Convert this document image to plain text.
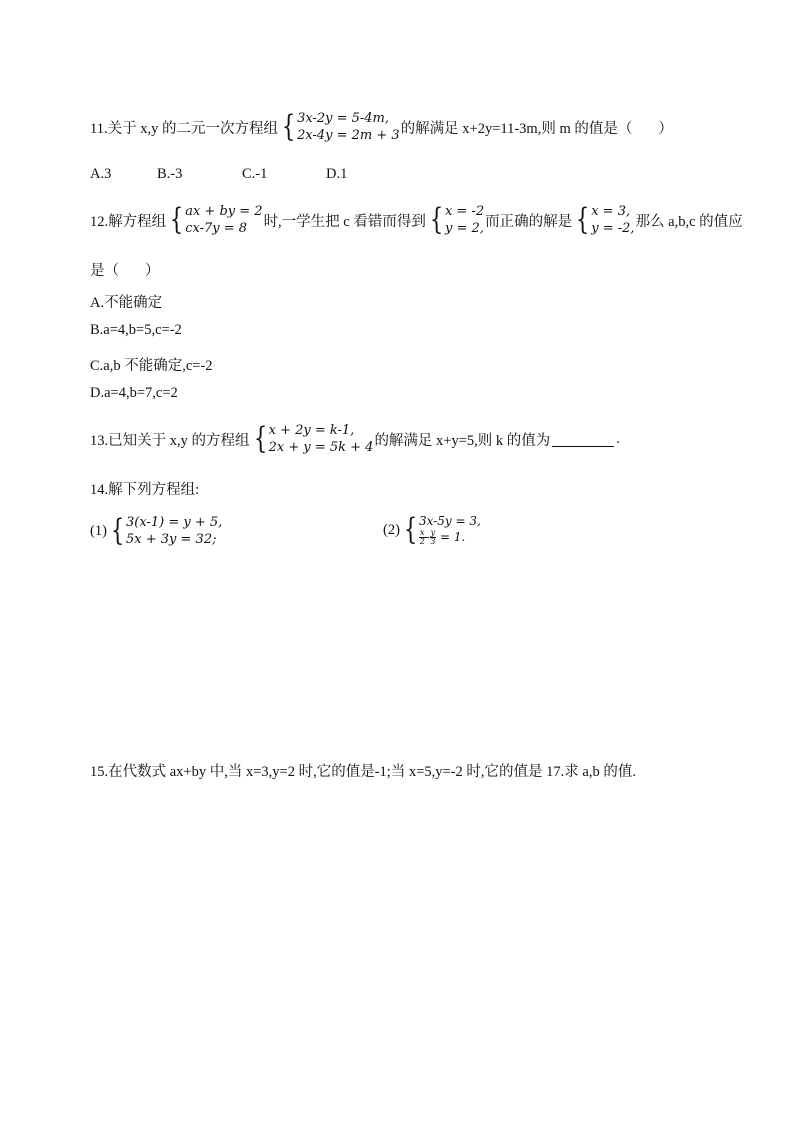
11.关于 x,y 的二元一次方程组 { 3x-2y = 5-4m,
2x-4y = 2m + 3 的解满足 x+2y=11-3m,则 m 的值是（ ）
A.3	B.-3	C.-1	D.1
12.解方程组 { ax + by = 2
cx-7y = 8	时,一学生把 c 看错而得到 { x = -2
y = 2, 而正确的解是 { x = 3,
y = -2, 那么 a,b,c 的值应
是（ ）
A.不能确定
B.a=4,b=5,c=-2
C.a,b 不能确定,c=-2
D.a=4,b=7,c=2
13.已知关于 x,y 的方程组 { x + 2y = k-1,
2x + y = 5k + 4 的解满足 x+y=5,则 k 的值为	.
14.解下列方程组:
(1) { 3(x-1) = y + 5,
5x + 3y = 32;
(2) { 3x-5y = 3,
$\frac{x}{2} - \frac{y}{3} = 1$.
15.在代数式 ax+by 中,当 x=3,y=2 时,它的值是-1;当 x=5,y=-2 时,它的值是 17.求 a,b 的值.
